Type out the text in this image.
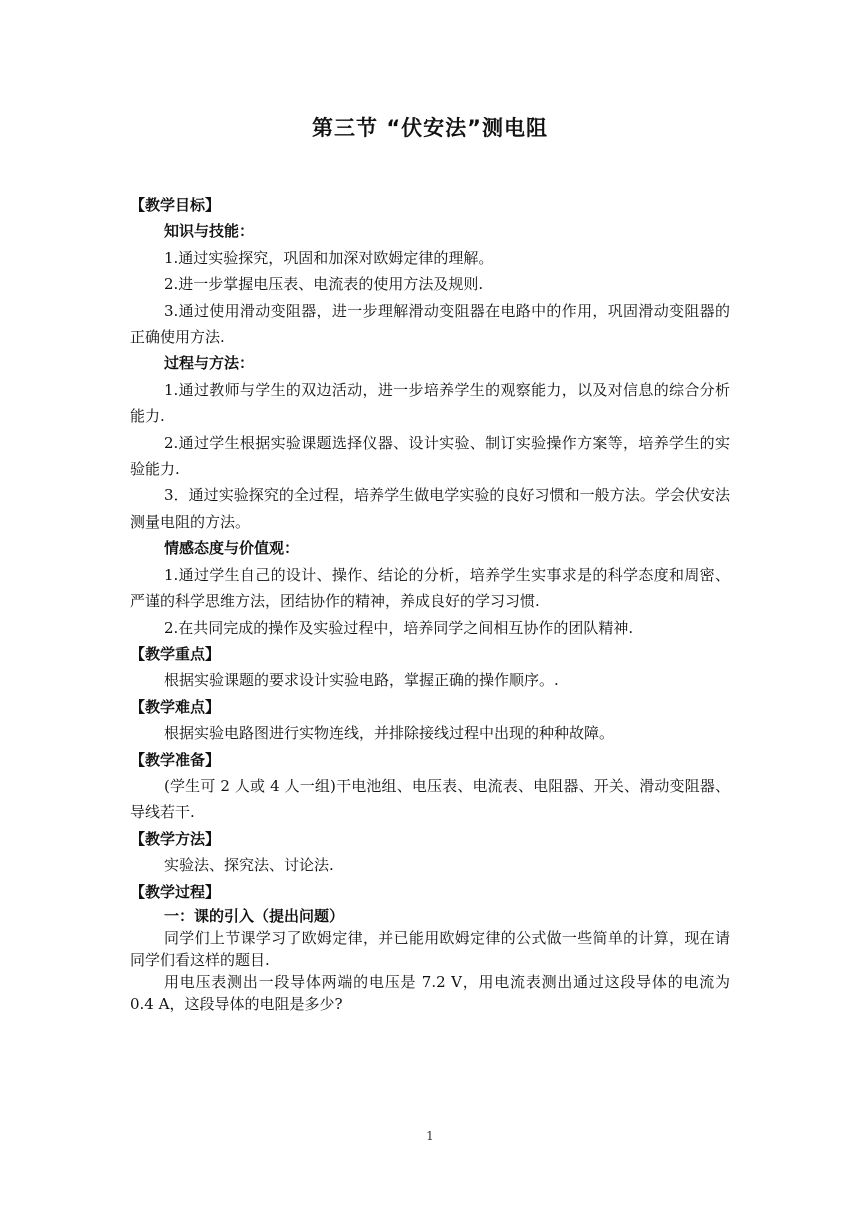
第三节 “伏安法”测电阻

【教学目标】

知识与技能：

1.通过实验探究，巩固和加深对欧姆定律的理解。

2.进一步掌握电压表、电流表的使用方法及规则.

3.通过使用滑动变阻器，进一步理解滑动变阻器在电路中的作用，巩固滑动变阻器的正确使用方法.

过程与方法：

1.通过教师与学生的双边活动，进一步培养学生的观察能力，以及对信息的综合分析能力.

2.通过学生根据实验课题选择仪器、设计实验、制订实验操作方案等，培养学生的实验能力.

3．通过实验探究的全过程，培养学生做电学实验的良好习惯和一般方法。学会伏安法测量电阻的方法。

情感态度与价值观：

1.通过学生自己的设计、操作、结论的分析，培养学生实事求是的科学态度和周密、严谨的科学思维方法，团结协作的精神，养成良好的学习习惯.

2.在共同完成的操作及实验过程中，培养同学之间相互协作的团队精神.

【教学重点】

根据实验课题的要求设计实验电路，掌握正确的操作顺序。.

【教学难点】

根据实验电路图进行实物连线，并排除接线过程中出现的种种故障。

【教学准备】

(学生可 2 人或 4 人一组)干电池组、电压表、电流表、电阻器、开关、滑动变阻器、导线若干.

【教学方法】

实验法、探究法、讨论法.

【教学过程】

一：课的引入（提出问题）

同学们上节课学习了欧姆定律，并已能用欧姆定律的公式做一些简单的计算，现在请同学们看这样的题目.

用电压表测出一段导体两端的电压是 7.2 V，用电流表测出通过这段导体的电流为 0.4 A，这段导体的电阻是多少?

1
